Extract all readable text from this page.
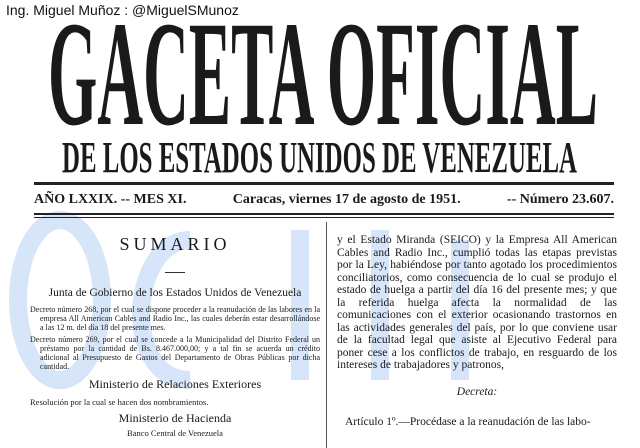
Ing. Miguel Muñoz : @MiguelSMunoz
GACETA OFICIAL
DE LOS ESTADOS UNIDOS DE VENEZUELA
AÑO LXXIX. -- MES XI.	Caracas, viernes 17 de agosto de 1951.	-- Número 23.607.
SUMARIO
Junta de Gobierno de los Estados Unidos de Venezuela
Decreto número 268, por el cual se dispone proceder a la reanudación de las labores en la empresa All American Cables and Radio Inc., las cuales deberán estar desarrollándose a las 12 m. del día 18 del presente mes.
Decreto número 269, por el cual se concede a la Municipalidad del Distrito Federal un préstamo por la cantidad de Bs. 8.467.000,00; y a tal fin se acuerda un crédito adicional al Presupuesto de Gastos del Departamento de Obras Públicas por dicha cantidad.
Ministerio de Relaciones Exteriores
Resolución por la cual se hacen dos nombramientos.
Ministerio de Hacienda
Banco Central de Venezuela
y el Estado Miranda (SEICO) y la Empresa All American Cables and Radio Inc., cumplió todas las etapas previstas por la Ley, habiéndose por tanto agotado los procedimientos conciliatorios, como consecuencia de lo cual se produjo el estado de huelga a partir del día 16 del presente mes; y que la referida huelga afecta la normalidad de las comunicaciones con el exterior ocasionando trastornos en las actividades generales del país, por lo que conviene usar de la facultad legal que asiste al Ejecutivo Federal para poner cese a los conflictos de trabajo, en resguardo de los intereses de trabajadores y patronos,
Decreta:
Artículo 1º.—Procédase a la reanudación de las labo-
